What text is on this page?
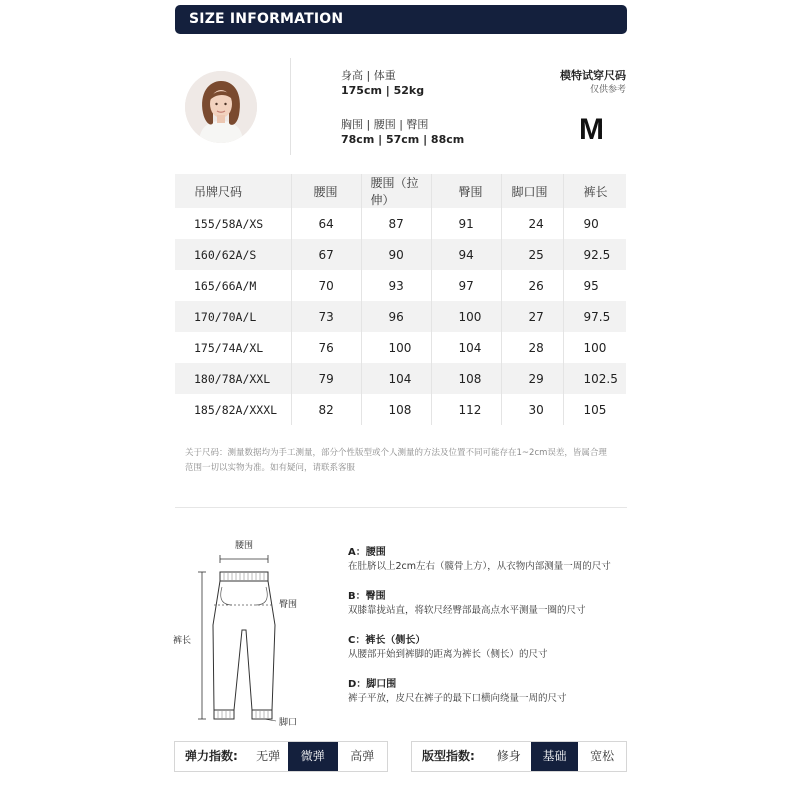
SIZE INFORMATION
身高 | 体重
175cm | 52kg
胸围 | 腰围 | 臀围
78cm | 57cm | 88cm
模特试穿尺码
仅供参考
M
吊牌尺码	腰围	腰围（拉伸）	臀围	脚口围	裤长
155/58A/XS	64	87	91	24	90
160/62A/S	67	90	94	25	92.5
165/66A/M	70	93	97	26	95
170/70A/L	73	96	100	27	97.5
175/74A/XL	76	100	104	28	100
180/78A/XXL	79	104	108	29	102.5
185/82A/XXXL	82	108	112	30	105
关于尺码：测量数据均为手工测量，部分个性版型或个人测量的方法及位置不同可能存在1~2cm误差，皆属合理
范围一切以实物为准。如有疑问，请联系客服
腰围
臀围
裤长
脚口
A：腰围
在肚脐以上2cm左右（髋骨上方），从衣物内部测量一周的尺寸
B：臀围
双膝靠拢站直，将软尺经臀部最高点水平测量一圈的尺寸
C：裤长（侧长）
从腰部开始到裤脚的距离为裤长（侧长）的尺寸
D：脚口围
裤子平放，皮尺在裤子的最下口横向绕量一周的尺寸
弹力指数:	无弹	微弹	高弹	版型指数:	修身	基础	宽松
